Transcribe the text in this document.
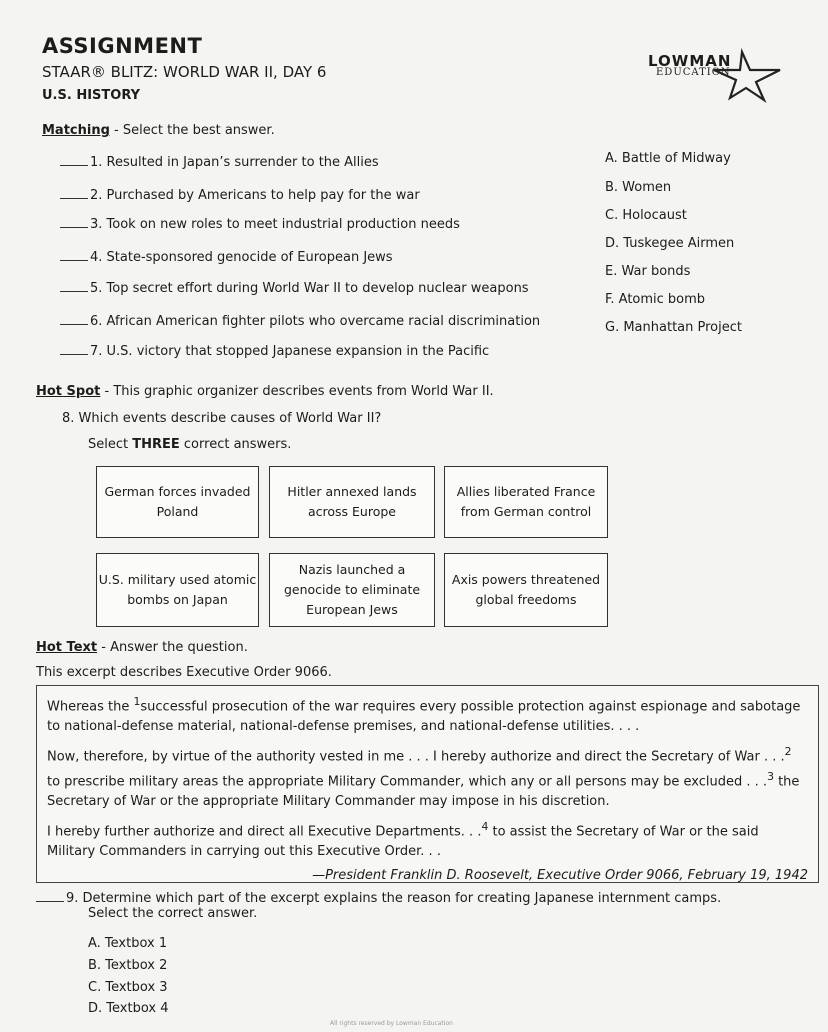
ASSIGNMENT
STAAR® BLITZ: WORLD WAR II, DAY 6
U.S. HISTORY
LOWMAN
EDUCATION
Matching - Select the best answer.
1. Resulted in Japan’s surrender to the Allies
2. Purchased by Americans to help pay for the war
3. Took on new roles to meet industrial production needs
4. State-sponsored genocide of European Jews
5. Top secret effort during World War II to develop nuclear weapons
6. African American fighter pilots who overcame racial discrimination
7. U.S. victory that stopped Japanese expansion in the Pacific
A. Battle of Midway
B. Women
C. Holocaust
D. Tuskegee Airmen
E. War bonds
F. Atomic bomb
G. Manhattan Project
Hot Spot - This graphic organizer describes events from World War II.
8. Which events describe causes of World War II?
Select THREE correct answers.
German forces invaded Poland
Hitler annexed lands across Europe
Allies liberated France from German control
U.S. military used atomic bombs on Japan
Nazis launched a genocide to eliminate European Jews
Axis powers threatened global freedoms
Hot Text - Answer the question.
This excerpt describes Executive Order 9066.

Whereas the $^1$successful prosecution of the war requires every possible protection against espionage and sabotage to national-defense material, national-defense premises, and national-defense utilities. . . .

Now, therefore, by virtue of the authority vested in me . . . I hereby authorize and direct the Secretary of War . . .$^2$ to prescribe military areas the appropriate Military Commander, which any or all persons may be excluded . . .$^3$ the Secretary of War or the appropriate Military Commander may impose in his discretion.

I hereby further authorize and direct all Executive Departments. . .$^4$ to assist the Secretary of War or the said Military Commanders in carrying out this Executive Order. . .

—President Franklin D. Roosevelt, Executive Order 9066, February 19, 1942
9. Determine which part of the excerpt explains the reason for creating Japanese internment camps.
Select the correct answer.
A. Textbox 1
B. Textbox 2
C. Textbox 3
D. Textbox 4
All rights reserved by Lowman Education
